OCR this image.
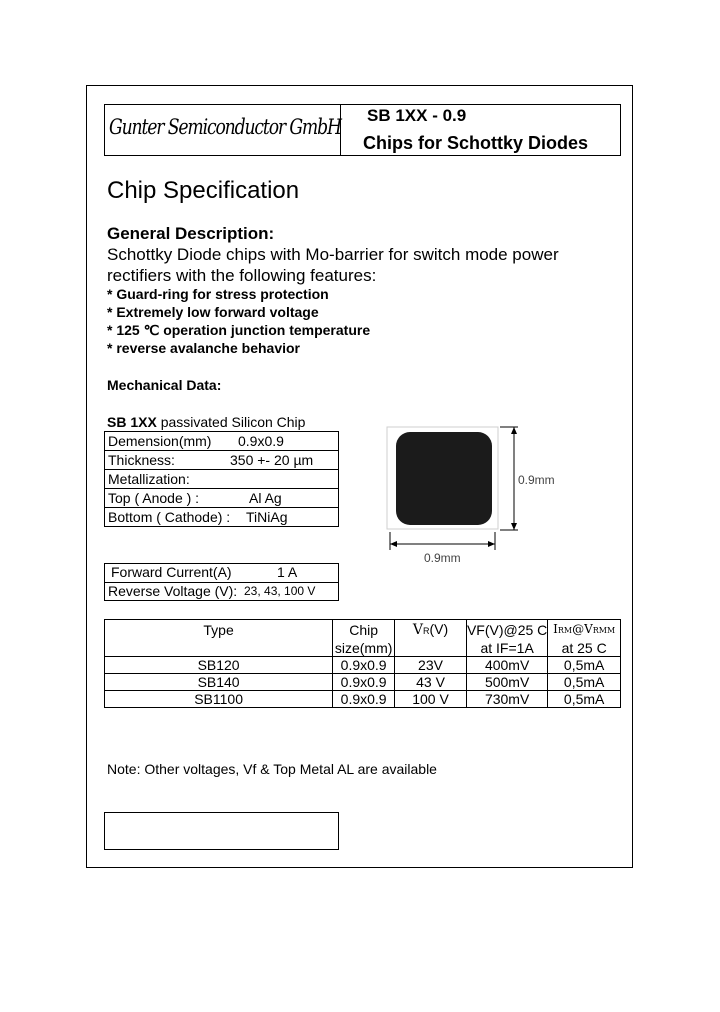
Gunter Semiconductor GmbH SB 1XX - 0.9
Chips for Schottky Diodes
Chip Specification
General Description:
Schottky Diode chips with Mo-barrier for switch mode power rectifiers with the following features:
* Guard-ring for stress protection
* Extremely low forward voltage
* 125 ℃ operation junction temperature
* reverse avalanche behavior
Mechanical Data:
SB 1XX passivated Silicon Chip
Demension(mm) 0.9x0.9

Thickness:	350 +- 20 µm

Metallization:
Top ( Anode ) :	Al Ag

Bottom ( Cathode) : TiNiAg
0.9mm
0.9mm
Forward Current(A)	1 A
Reverse Voltage (V): 23, 43, 100 V
Type	Chip	VR(V)	VF(V)@25 C	IRM@VRMM
	size(mm)		at IF=1A	at 25 C
SB120	0.9x0.9	23V	400mV	0,5mA
SB140	0.9x0.9	43 V	500mV	0,5mA
SB1100	0.9x0.9	100 V	730mV	0,5mA
Note: Other voltages, Vf & Top Metal AL are available
